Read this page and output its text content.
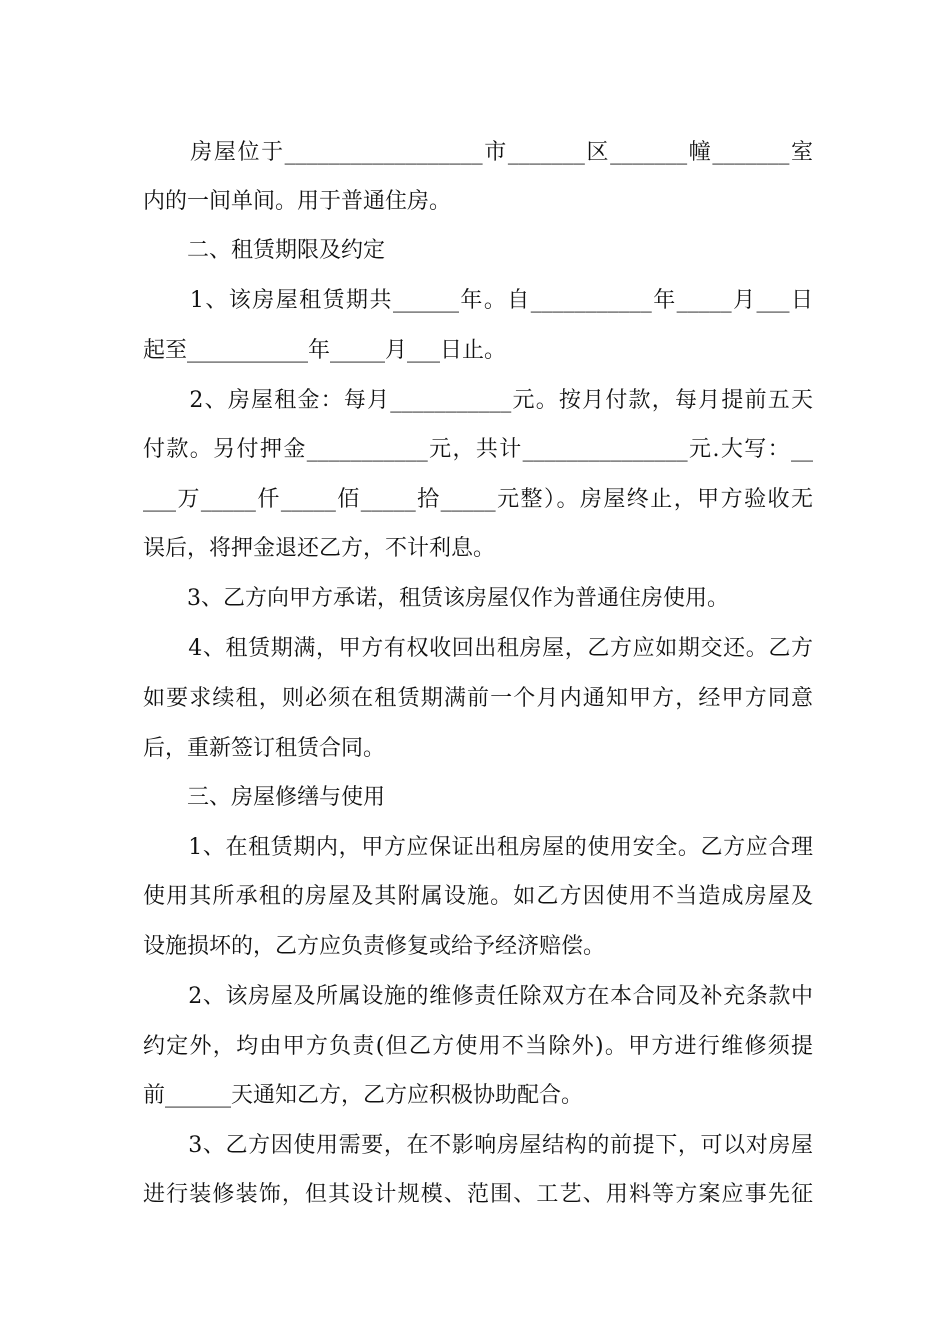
　　房屋位于__________________市_______区_______幢_______室
内的一间单间。用于普通住房。
　　二、租赁期限及约定
　　1、该房屋租赁期共______年。自___________年_____月___日
起至___________年_____月___日止。
　　2、房屋租金：每月___________元。按月付款，每月提前五天
付款。另付押金___________元，共计_______________元.大写：__
___万_____仟_____佰_____拾_____元整）。房屋终止，甲方验收无
误后，将押金退还乙方，不计利息。
　　3、乙方向甲方承诺，租赁该房屋仅作为普通住房使用。
　　4、租赁期满，甲方有权收回出租房屋，乙方应如期交还。乙方
如要求续租，则必须在租赁期满前一个月内通知甲方，经甲方同意
后，重新签订租赁合同。
　　三、房屋修缮与使用
　　1、在租赁期内，甲方应保证出租房屋的使用安全。乙方应合理
使用其所承租的房屋及其附属设施。如乙方因使用不当造成房屋及
设施损坏的，乙方应负责修复或给予经济赔偿。
　　2、该房屋及所属设施的维修责任除双方在本合同及补充条款中
约定外，均由甲方负责(但乙方使用不当除外)。甲方进行维修须提
前______天通知乙方，乙方应积极协助配合。
　　3、乙方因使用需要，在不影响房屋结构的前提下，可以对房屋
进行装修装饰，但其设计规模、范围、工艺、用料等方案应事先征
